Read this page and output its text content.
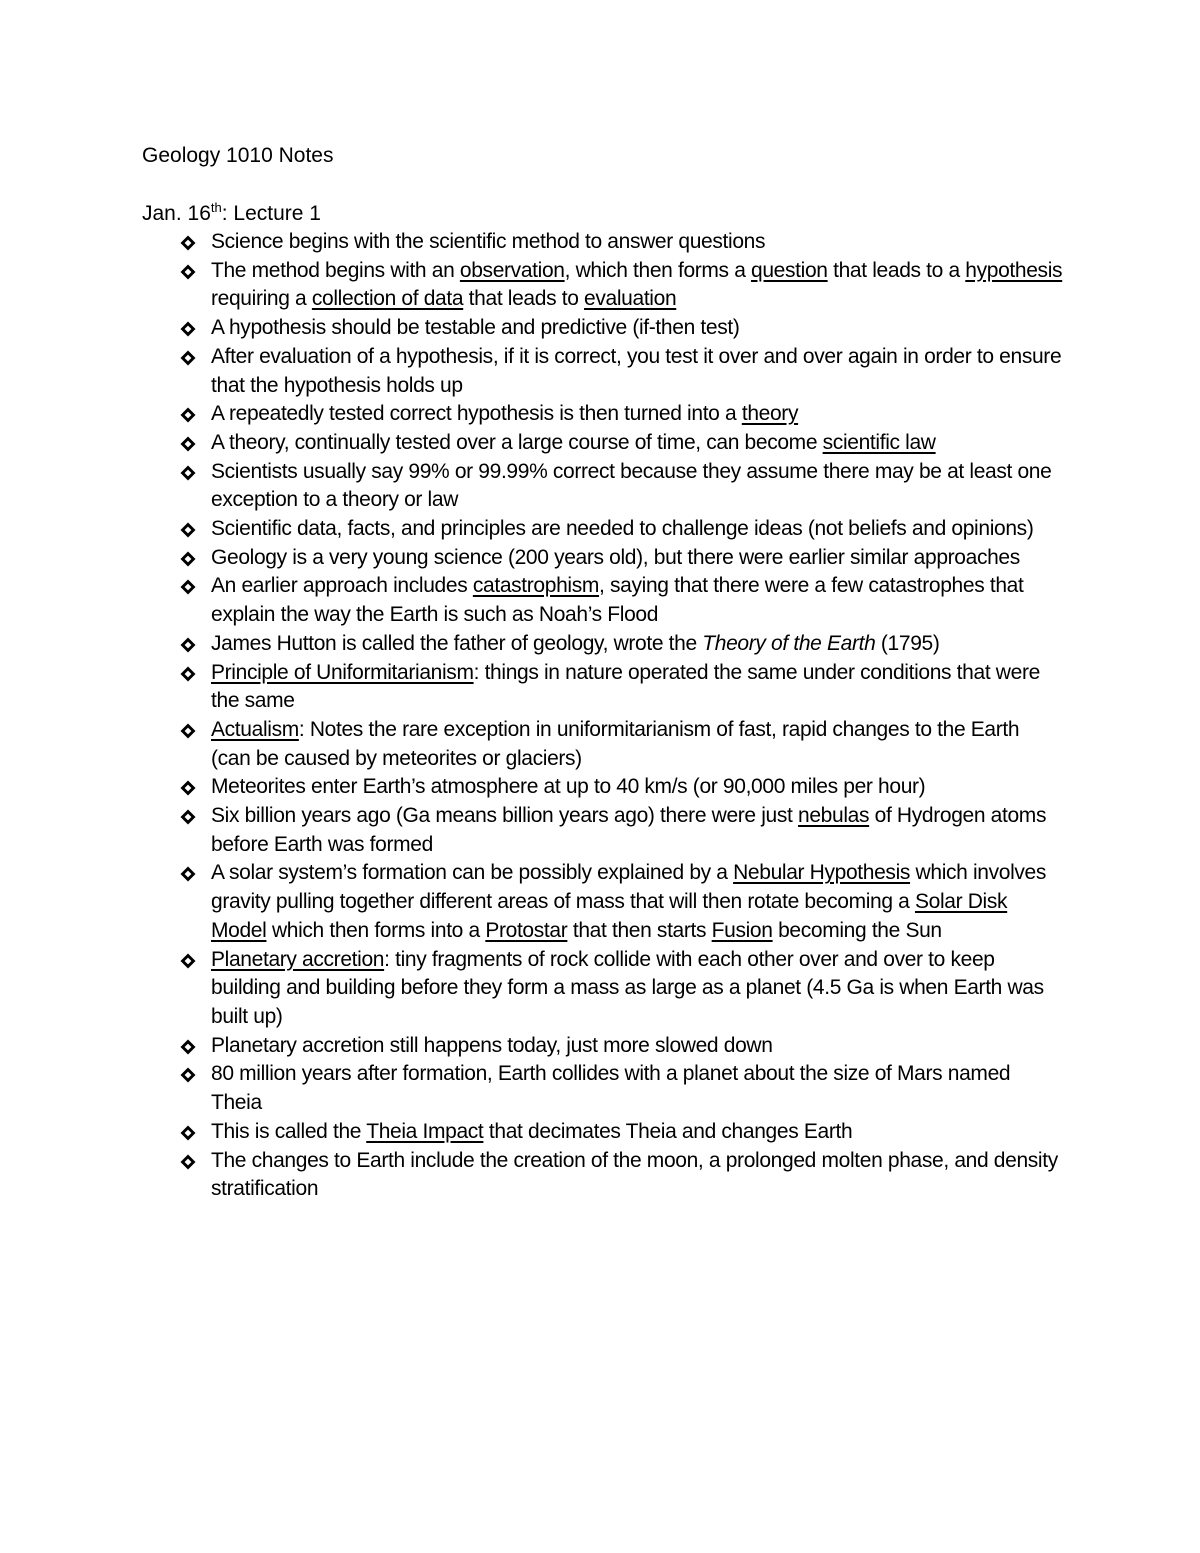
Geology 1010 Notes
Jan. 16th: Lecture 1
Science begins with the scientific method to answer questions
The method begins with an observation, which then forms a question that leads to a hypothesis requiring a collection of data that leads to evaluation
A hypothesis should be testable and predictive (if-then test)
After evaluation of a hypothesis, if it is correct, you test it over and over again in order to ensure that the hypothesis holds up
A repeatedly tested correct hypothesis is then turned into a theory
A theory, continually tested over a large course of time, can become scientific law
Scientists usually say 99% or 99.99% correct because they assume there may be at least one exception to a theory or law
Scientific data, facts, and principles are needed to challenge ideas (not beliefs and opinions)
Geology is a very young science (200 years old), but there were earlier similar approaches
An earlier approach includes catastrophism, saying that there were a few catastrophes that explain the way the Earth is such as Noah’s Flood
James Hutton is called the father of geology, wrote the Theory of the Earth (1795)
Principle of Uniformitarianism: things in nature operated the same under conditions that were the same
Actualism: Notes the rare exception in uniformitarianism of fast, rapid changes to the Earth (can be caused by meteorites or glaciers)
Meteorites enter Earth’s atmosphere at up to 40 km/s (or 90,000 miles per hour)
Six billion years ago (Ga means billion years ago) there were just nebulas of Hydrogen atoms before Earth was formed
A solar system’s formation can be possibly explained by a Nebular Hypothesis which involves gravity pulling together different areas of mass that will then rotate becoming a Solar Disk Model which then forms into a Protostar that then starts Fusion becoming the Sun
Planetary accretion: tiny fragments of rock collide with each other over and over to keep building and building before they form a mass as large as a planet (4.5 Ga is when Earth was built up)
Planetary accretion still happens today, just more slowed down
80 million years after formation, Earth collides with a planet about the size of Mars named Theia
This is called the Theia Impact that decimates Theia and changes Earth
The changes to Earth include the creation of the moon, a prolonged molten phase, and density stratification
